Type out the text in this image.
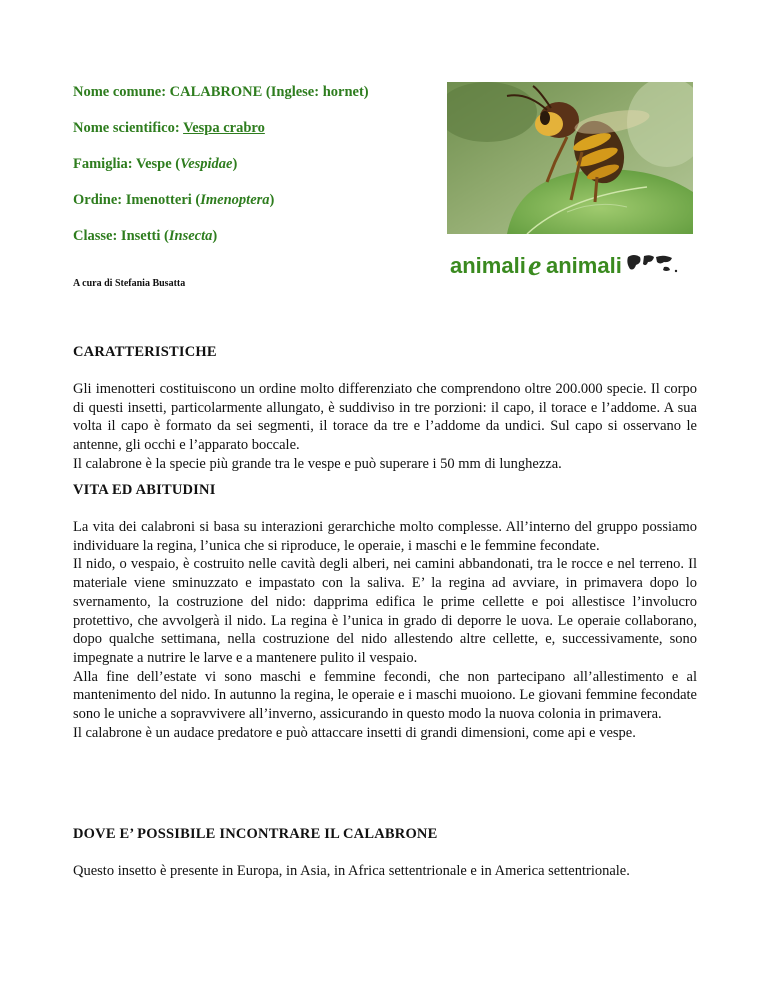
Nome comune: CALABRONE (Inglese: hornet)
Nome scientifico: Vespa crabro
Famiglia: Vespe (Vespidae)
Ordine: Imenotteri (Imenoptera)
Classe: Insetti (Insecta)
A cura di Stefania Busatta
animali e animali
CARATTERISTICHE

Gli imenotteri costituiscono un ordine molto differenziato che comprendono oltre 200.000 specie. Il corpo di questi insetti, particolarmente allungato, è suddiviso in tre porzioni: il capo, il torace e l’addome. A sua volta il capo è formato da sei segmenti, il torace da tre e l’addome da undici. Sul capo si osservano le antenne, gli occhi e l’apparato boccale.

Il calabrone è la specie più grande tra le vespe e può superare i 50 mm di lunghezza.

VITA ED ABITUDINI

La vita dei calabroni si basa su interazioni gerarchiche molto complesse. All’interno del gruppo possiamo individuare la regina, l’unica che si riproduce, le operaie, i maschi e le femmine fecondate.

Il nido, o vespaio, è costruito nelle cavità degli alberi, nei camini abbandonati, tra le rocce e nel terreno. Il materiale viene sminuzzato e impastato con la saliva. E’ la regina ad avviare, in primavera dopo lo svernamento, la costruzione del nido: dapprima edifica le prime cellette e poi allestisce l’involucro protettivo, che avvolgerà il nido. La regina è l’unica in grado di deporre le uova. Le operaie collaborano, dopo qualche settimana, nella costruzione del nido allestendo altre cellette, e, successivamente, sono impegnate a nutrire le larve e a mantenere pulito il vespaio.

Alla fine dell’estate vi sono maschi e femmine fecondi, che non partecipano all’allestimento e al mantenimento del nido. In autunno la regina, le operaie e i maschi muoiono. Le giovani femmine fecondate sono le uniche a sopravvivere all’inverno, assicurando in questo modo la nuova colonia in primavera.

Il calabrone è un audace predatore e può attaccare insetti di grandi dimensioni, come api e vespe.

DOVE E’ POSSIBILE INCONTRARE IL CALABRONE

Questo insetto è presente in Europa, in Asia, in Africa settentrionale e in America settentrionale.
